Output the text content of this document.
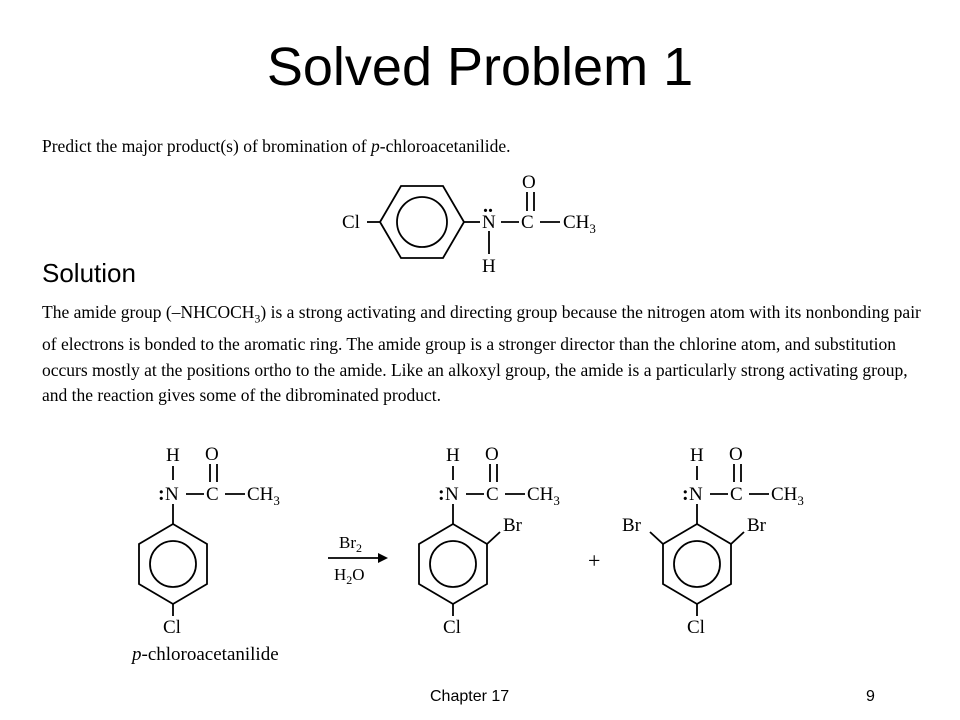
Solved Problem 1
Predict the major product(s) of bromination of p-chloroacetanilide.
Solution
The amide group $(-NHCOCH_3)$ is a strong activating and directing group because the nitrogen atom with its nonbonding pair of electrons is bonded to the aromatic ring. The amide group is a stronger director than the chlorine atom, and substitution occurs mostly at the positions ortho to the amide. Like an alkoxyl group, the amide is a particularly strong activating group, and the reaction gives some of the dibrominated product.
Cl	N
..
H
C
O
$CH_3$
H
: N C
O
$CH_3$
Cl
p-chloroacetanilide
$Br_2$
$H_2O$
H
: N C
O
$CH_3$
Br
Cl
+
H
: N C
O
$CH_3$
Br	Br
Cl
Chapter 17	9
